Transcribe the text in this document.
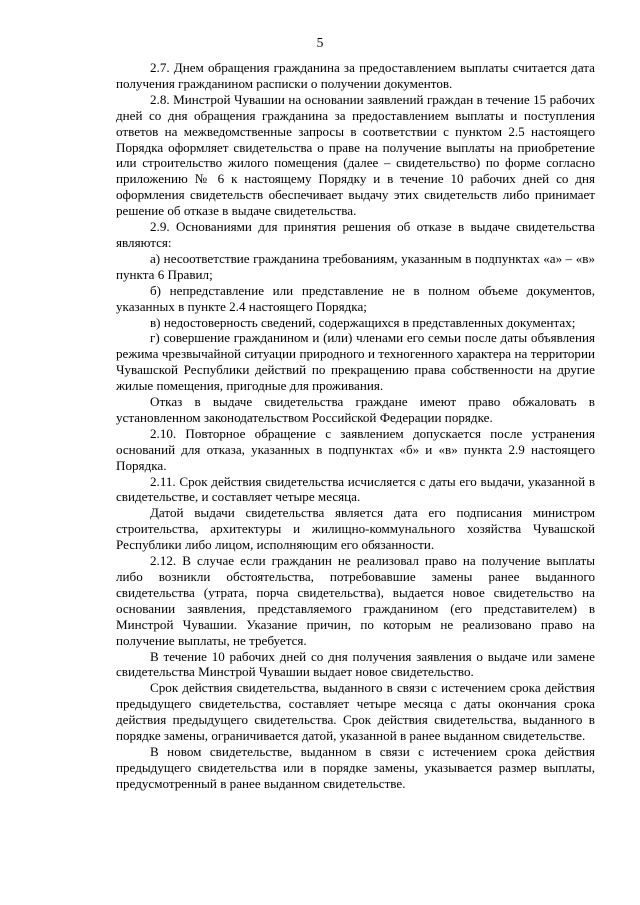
5

2.7. Днем обращения гражданина за предоставлением выплаты считается дата получения гражданином расписки о получении документов.

2.8. Минстрой Чувашии на основании заявлений граждан в течение 15 рабочих дней со дня обращения гражданина за предоставлением выплаты и поступления ответов на межведомственные запросы в соответствии с пунктом 2.5 настоящего Порядка оформляет свидетельства о праве на получение выплаты на приобретение или строительство жилого помещения (далее – свидетельство) по форме согласно приложению № 6 к настоящему Порядку и в течение 10 рабочих дней со дня оформления свидетельств обеспечивает выдачу этих свидетельств либо принимает решение об отказе в выдаче свидетельства.

2.9. Основаниями для принятия решения об отказе в выдаче свидетельства являются:

а) несоответствие гражданина требованиям, указанным в подпунктах «а» – «в» пункта 6 Правил;

б) непредставление или представление не в полном объеме документов, указанных в пункте 2.4 настоящего Порядка;

в) недостоверность сведений, содержащихся в представленных документах;

г) совершение гражданином и (или) членами его семьи после даты объявления режима чрезвычайной ситуации природного и техногенного характера на территории Чувашской Республики действий по прекращению права собственности на другие жилые помещения, пригодные для проживания.

Отказ в выдаче свидетельства граждане имеют право обжаловать в установленном законодательством Российской Федерации порядке.

2.10. Повторное обращение с заявлением допускается после устранения оснований для отказа, указанных в подпунктах «б» и «в» пункта 2.9 настоящего Порядка.

2.11. Срок действия свидетельства исчисляется с даты его выдачи, указанной в свидетельстве, и составляет четыре месяца.

Датой выдачи свидетельства является дата его подписания министром строительства, архитектуры и жилищно-коммунального хозяйства Чувашской Республики либо лицом, исполняющим его обязанности.

2.12. В случае если гражданин не реализовал право на получение выплаты либо возникли обстоятельства, потребовавшие замены ранее выданного свидетельства (утрата, порча свидетельства), выдается новое свидетельство на основании заявления, представляемого гражданином (его представителем) в Минстрой Чувашии. Указание причин, по которым не реализовано право на получение выплаты, не требуется.

В течение 10 рабочих дней со дня получения заявления о выдаче или замене свидетельства Минстрой Чувашии выдает новое свидетельство.

Срок действия свидетельства, выданного в связи с истечением срока действия предыдущего свидетельства, составляет четыре месяца с даты окончания срока действия предыдущего свидетельства. Срок действия свидетельства, выданного в порядке замены, ограничивается датой, указанной в ранее выданном свидетельстве.

В новом свидетельстве, выданном в связи с истечением срока действия предыдущего свидетельства или в порядке замены, указывается размер выплаты, предусмотренный в ранее выданном свидетельстве.
